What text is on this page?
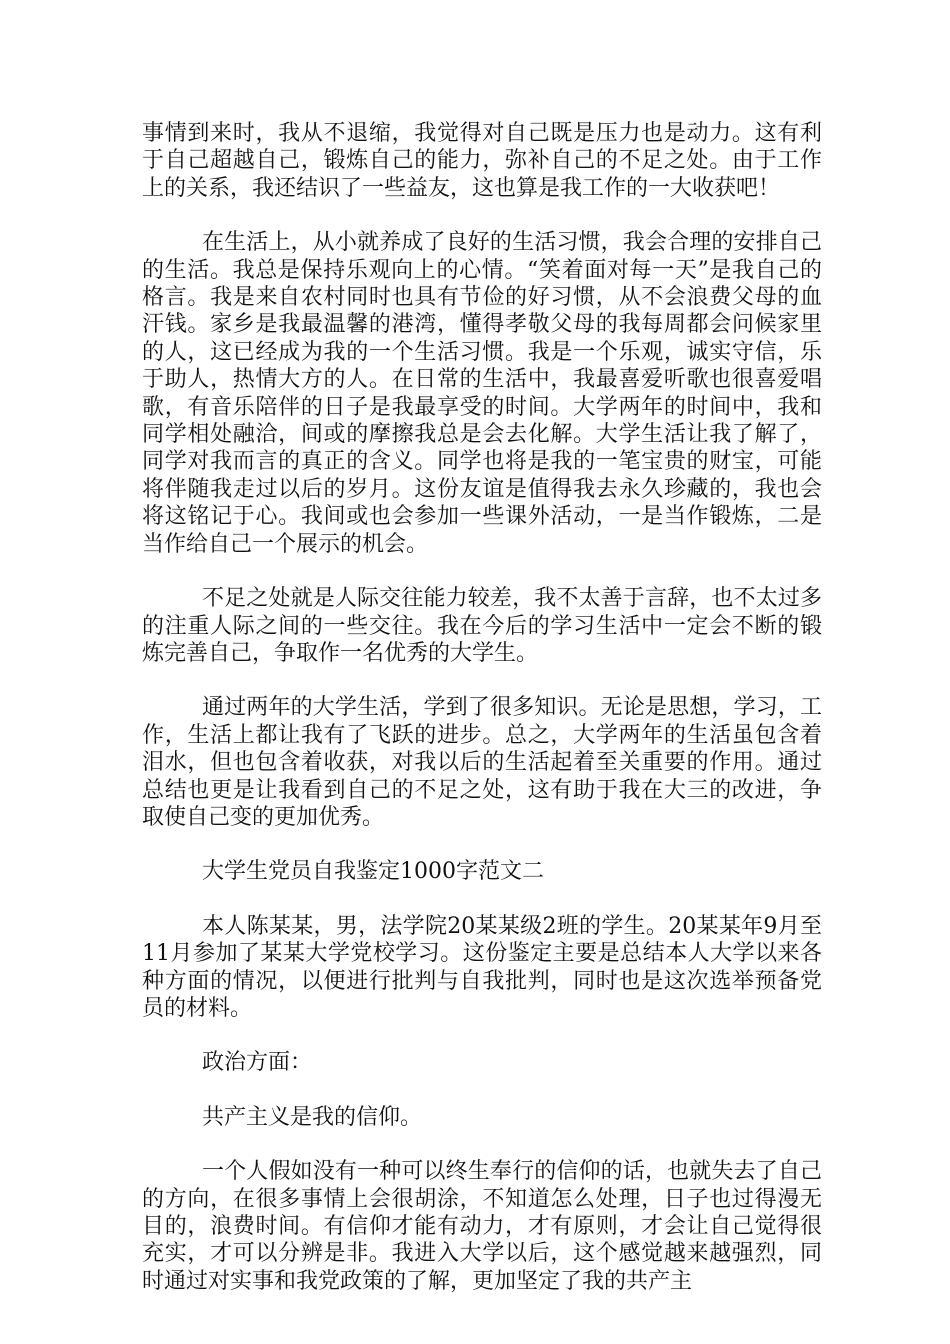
事情到来时，我从不退缩，我觉得对自己既是压力也是动力。这有利于自己超越自己，锻炼自己的能力，弥补自己的不足之处。由于工作上的关系，我还结识了一些益友，这也算是我工作的一大收获吧！

在生活上，从小就养成了良好的生活习惯，我会合理的安排自己的生活。我总是保持乐观向上的心情。“笑着面对每一天”是我自己的格言。我是来自农村同时也具有节俭的好习惯，从不会浪费父母的血汗钱。家乡是我最温馨的港湾，懂得孝敬父母的我每周都会问候家里的人，这已经成为我的一个生活习惯。我是一个乐观，诚实守信，乐于助人，热情大方的人。在日常的生活中，我最喜爱听歌也很喜爱唱歌，有音乐陪伴的日子是我最享受的时间。大学两年的时间中，我和同学相处融洽，间或的摩擦我总是会去化解。大学生活让我了解了，同学对我而言的真正的含义。同学也将是我的一笔宝贵的财宝，可能将伴随我走过以后的岁月。这份友谊是值得我去永久珍藏的，我也会将这铭记于心。我间或也会参加一些课外活动，一是当作锻炼，二是当作给自己一个展示的机会。

不足之处就是人际交往能力较差，我不太善于言辞，也不太过多的注重人际之间的一些交往。我在今后的学习生活中一定会不断的锻炼完善自己，争取作一名优秀的大学生。

通过两年的大学生活，学到了很多知识。无论是思想，学习，工作，生活上都让我有了飞跃的进步。总之，大学两年的生活虽包含着泪水，但也包含着收获，对我以后的生活起着至关重要的作用。通过总结也更是让我看到自己的不足之处，这有助于我在大三的改进，争取使自己变的更加优秀。

大学生党员自我鉴定1000字范文二

本人陈某某，男，法学院20某某级2班的学生。20某某年9月至11月参加了某某大学党校学习。这份鉴定主要是总结本人大学以来各种方面的情况，以便进行批判与自我批判，同时也是这次选举预备党员的材料。

政治方面：

共产主义是我的信仰。

一个人假如没有一种可以终生奉行的信仰的话，也就失去了自己的方向，在很多事情上会很胡涂，不知道怎么处理，日子也过得漫无目的，浪费时间。有信仰才能有动力，才有原则，才会让自己觉得很充实，才可以分辨是非。我进入大学以后，这个感觉越来越强烈，同时通过对实事和我党政策的了解，更加坚定了我的共产主
